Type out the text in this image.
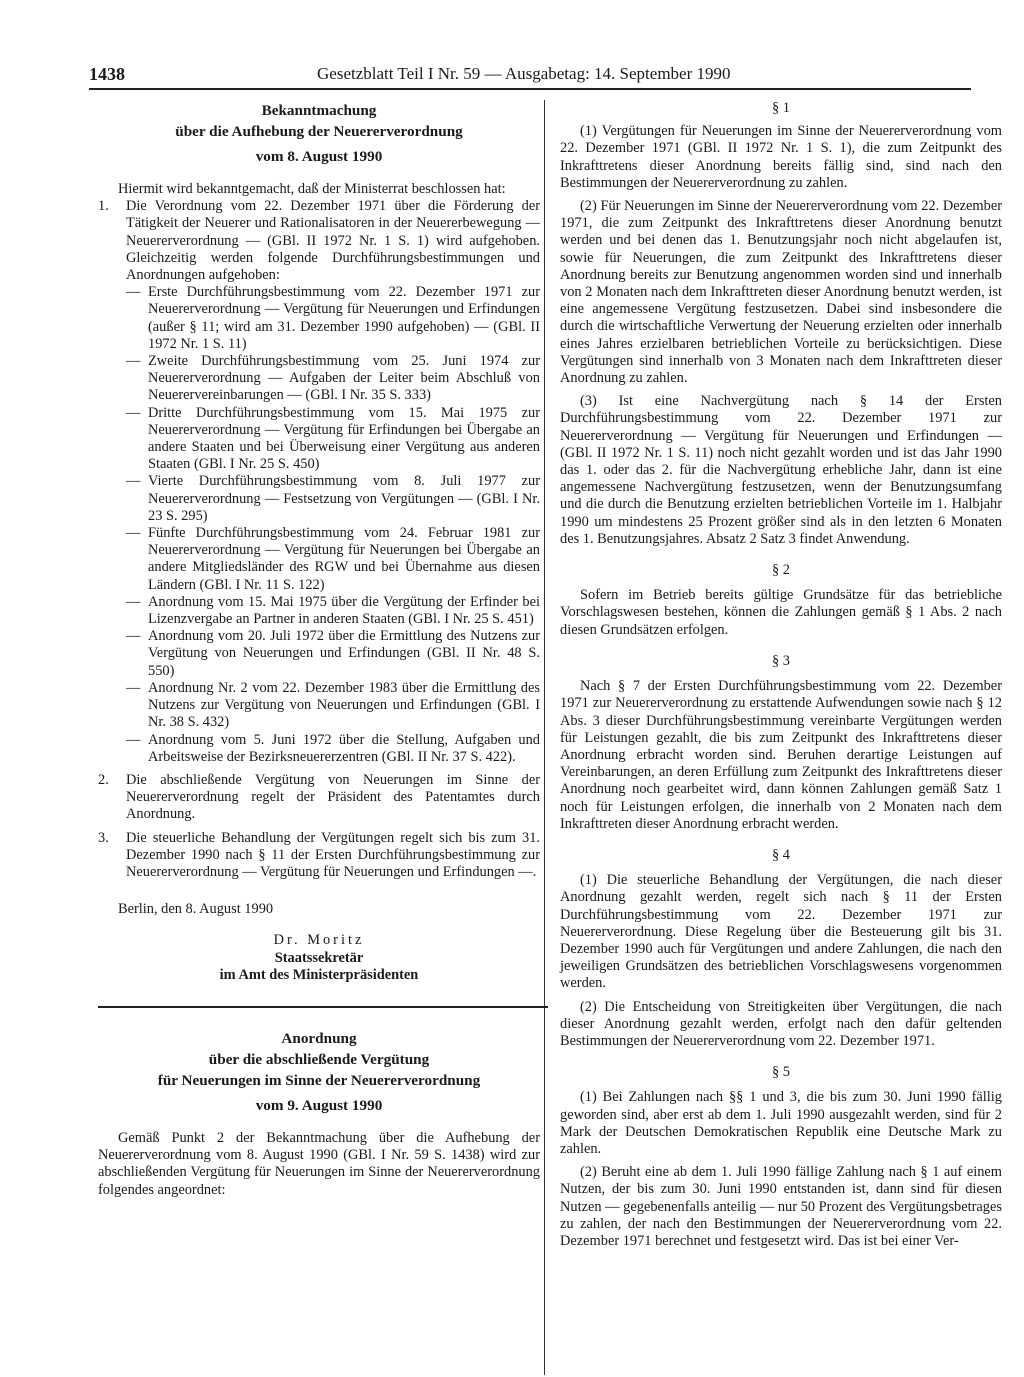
1438	Gesetzblatt Teil I Nr. 59 — Ausgabetag: 14. September 1990
Bekanntmachung
über die Aufhebung der Neuererverordnung
vom 8. August 1990

Hiermit wird bekanntgemacht, daß der Ministerrat beschlossen hat:

1.	Die Verordnung vom 22. Dezember 1971 über die Förderung der Tätigkeit der Neuerer und Rationalisatoren in der Neuererbewegung — Neuererverordnung — (GBl. II 1972 Nr. 1 S. 1) wird aufgehoben. Gleichzeitig werden folgende Durchführungsbestimmungen und Anordnungen aufgehoben:
— Erste Durchführungsbestimmung vom 22. Dezember 1971 zur Neuererverordnung — Vergütung für Neuerungen und Erfindungen (außer § 11; wird am 31. Dezember 1990 aufgehoben) — (GBl. II 1972 Nr. 1 S. 11)
— Zweite Durchführungsbestimmung vom 25. Juni 1974 zur Neuererverordnung — Aufgaben der Leiter beim Abschluß von Neuerervereinbarungen — (GBl. I Nr. 35 S. 333)
— Dritte Durchführungsbestimmung vom 15. Mai 1975 zur Neuererverordnung — Vergütung für Erfindungen bei Übergabe an andere Staaten und bei Überweisung einer Vergütung aus anderen Staaten (GBl. I Nr. 25 S. 450)
— Vierte Durchführungsbestimmung vom 8. Juli 1977 zur Neuererverordnung — Festsetzung von Vergütungen — (GBl. I Nr. 23 S. 295)
— Fünfte Durchführungsbestimmung vom 24. Februar 1981 zur Neuererverordnung — Vergütung für Neuerungen bei Übergabe an andere Mitgliedsländer des RGW und bei Übernahme aus diesen Ländern (GBl. I Nr. 11 S. 122)
— Anordnung vom 15. Mai 1975 über die Vergütung der Erfinder bei Lizenzvergabe an Partner in anderen Staaten (GBl. I Nr. 25 S. 451)
— Anordnung vom 20. Juli 1972 über die Ermittlung des Nutzens zur Vergütung von Neuerungen und Erfindungen (GBl. II Nr. 48 S. 550)
— Anordnung Nr. 2 vom 22. Dezember 1983 über die Ermittlung des Nutzens zur Vergütung von Neuerungen und Erfindungen (GBl. I Nr. 38 S. 432)
— Anordnung vom 5. Juni 1972 über die Stellung, Aufgaben und Arbeitsweise der Bezirksneuererzentren (GBl. II Nr. 37 S. 422).
2.	Die abschließende Vergütung von Neuerungen im Sinne der Neuererverordnung regelt der Präsident des Patentamtes durch Anordnung.
3.	Die steuerliche Behandlung der Vergütungen regelt sich bis zum 31. Dezember 1990 nach § 11 der Ersten Durchführungsbestimmung zur Neuererverordnung — Vergütung für Neuerungen und Erfindungen —.

Berlin, den 8. August 1990

Dr. Moritz
Staatssekretär
im Amt des Ministerpräsidenten
Anordnung
über die abschließende Vergütung
für Neuerungen im Sinne der Neuererverordnung
vom 9. August 1990

Gemäß Punkt 2 der Bekanntmachung über die Aufhebung der Neuererverordnung vom 8. August 1990 (GBl. I Nr. 59 S. 1438) wird zur abschließenden Vergütung für Neuerungen im Sinne der Neuererverordnung folgendes angeordnet:

§ 1

(1) Vergütungen für Neuerungen im Sinne der Neuererverordnung vom 22. Dezember 1971 (GBl. II 1972 Nr. 1 S. 1), die zum Zeitpunkt des Inkrafttretens dieser Anordnung bereits fällig sind, sind nach den Bestimmungen der Neuererverordnung zu zahlen.

(2) Für Neuerungen im Sinne der Neuererverordnung vom 22. Dezember 1971, die zum Zeitpunkt des Inkrafttretens dieser Anordnung benutzt werden und bei denen das 1. Benutzungsjahr noch nicht abgelaufen ist, sowie für Neuerungen, die zum Zeitpunkt des Inkrafttretens dieser Anordnung bereits zur Benutzung angenommen worden sind und innerhalb von 2 Monaten nach dem Inkrafttreten dieser Anordnung benutzt werden, ist eine angemessene Vergütung festzusetzen. Dabei sind insbesondere die durch die wirtschaftliche Verwertung der Neuerung erzielten oder innerhalb eines Jahres erzielbaren betrieblichen Vorteile zu berücksichtigen. Diese Vergütungen sind innerhalb von 3 Monaten nach dem Inkrafttreten dieser Anordnung zu zahlen.

(3) Ist eine Nachvergütung nach § 14 der Ersten Durchführungsbestimmung vom 22. Dezember 1971 zur Neuererverordnung — Vergütung für Neuerungen und Erfindungen — (GBl. II 1972 Nr. 1 S. 11) noch nicht gezahlt worden und ist das Jahr 1990 das 1. oder das 2. für die Nachvergütung erhebliche Jahr, dann ist eine angemessene Nachvergütung festzusetzen, wenn der Benutzungsumfang und die durch die Benutzung erzielten betrieblichen Vorteile im 1. Halbjahr 1990 um mindestens 25 Prozent größer sind als in den letzten 6 Monaten des 1. Benutzungsjahres. Absatz 2 Satz 3 findet Anwendung.

§ 2

Sofern im Betrieb bereits gültige Grundsätze für das betriebliche Vorschlagswesen bestehen, können die Zahlungen gemäß § 1 Abs. 2 nach diesen Grundsätzen erfolgen.

§ 3

Nach § 7 der Ersten Durchführungsbestimmung vom 22. Dezember 1971 zur Neuererverordnung zu erstattende Aufwendungen sowie nach § 12 Abs. 3 dieser Durchführungsbestimmung vereinbarte Vergütungen werden für Leistungen gezahlt, die bis zum Zeitpunkt des Inkrafttretens dieser Anordnung erbracht worden sind. Beruhen derartige Leistungen auf Vereinbarungen, an deren Erfüllung zum Zeitpunkt des Inkrafttretens dieser Anordnung noch gearbeitet wird, dann können Zahlungen gemäß Satz 1 noch für Leistungen erfolgen, die innerhalb von 2 Monaten nach dem Inkrafttreten dieser Anordnung erbracht werden.

§ 4

(1) Die steuerliche Behandlung der Vergütungen, die nach dieser Anordnung gezahlt werden, regelt sich nach § 11 der Ersten Durchführungsbestimmung vom 22. Dezember 1971 zur Neuererverordnung. Diese Regelung über die Besteuerung gilt bis 31. Dezember 1990 auch für Vergütungen und andere Zahlungen, die nach den jeweiligen Grundsätzen des betrieblichen Vorschlagswesens vorgenommen werden.

(2) Die Entscheidung von Streitigkeiten über Vergütungen, die nach dieser Anordnung gezahlt werden, erfolgt nach den dafür geltenden Bestimmungen der Neuererverordnung vom 22. Dezember 1971.

§ 5

(1) Bei Zahlungen nach §§ 1 und 3, die bis zum 30. Juni 1990 fällig geworden sind, aber erst ab dem 1. Juli 1990 ausgezahlt werden, sind für 2 Mark der Deutschen Demokratischen Republik eine Deutsche Mark zu zahlen.

(2) Beruht eine ab dem 1. Juli 1990 fällige Zahlung nach § 1 auf einem Nutzen, der bis zum 30. Juni 1990 entstanden ist, dann sind für diesen Nutzen — gegebenenfalls anteilig — nur 50 Prozent des Vergütungsbetrages zu zahlen, der nach den Bestimmungen der Neuererverordnung vom 22. Dezember 1971 berechnet und festgesetzt wird. Das ist bei einer Ver-
